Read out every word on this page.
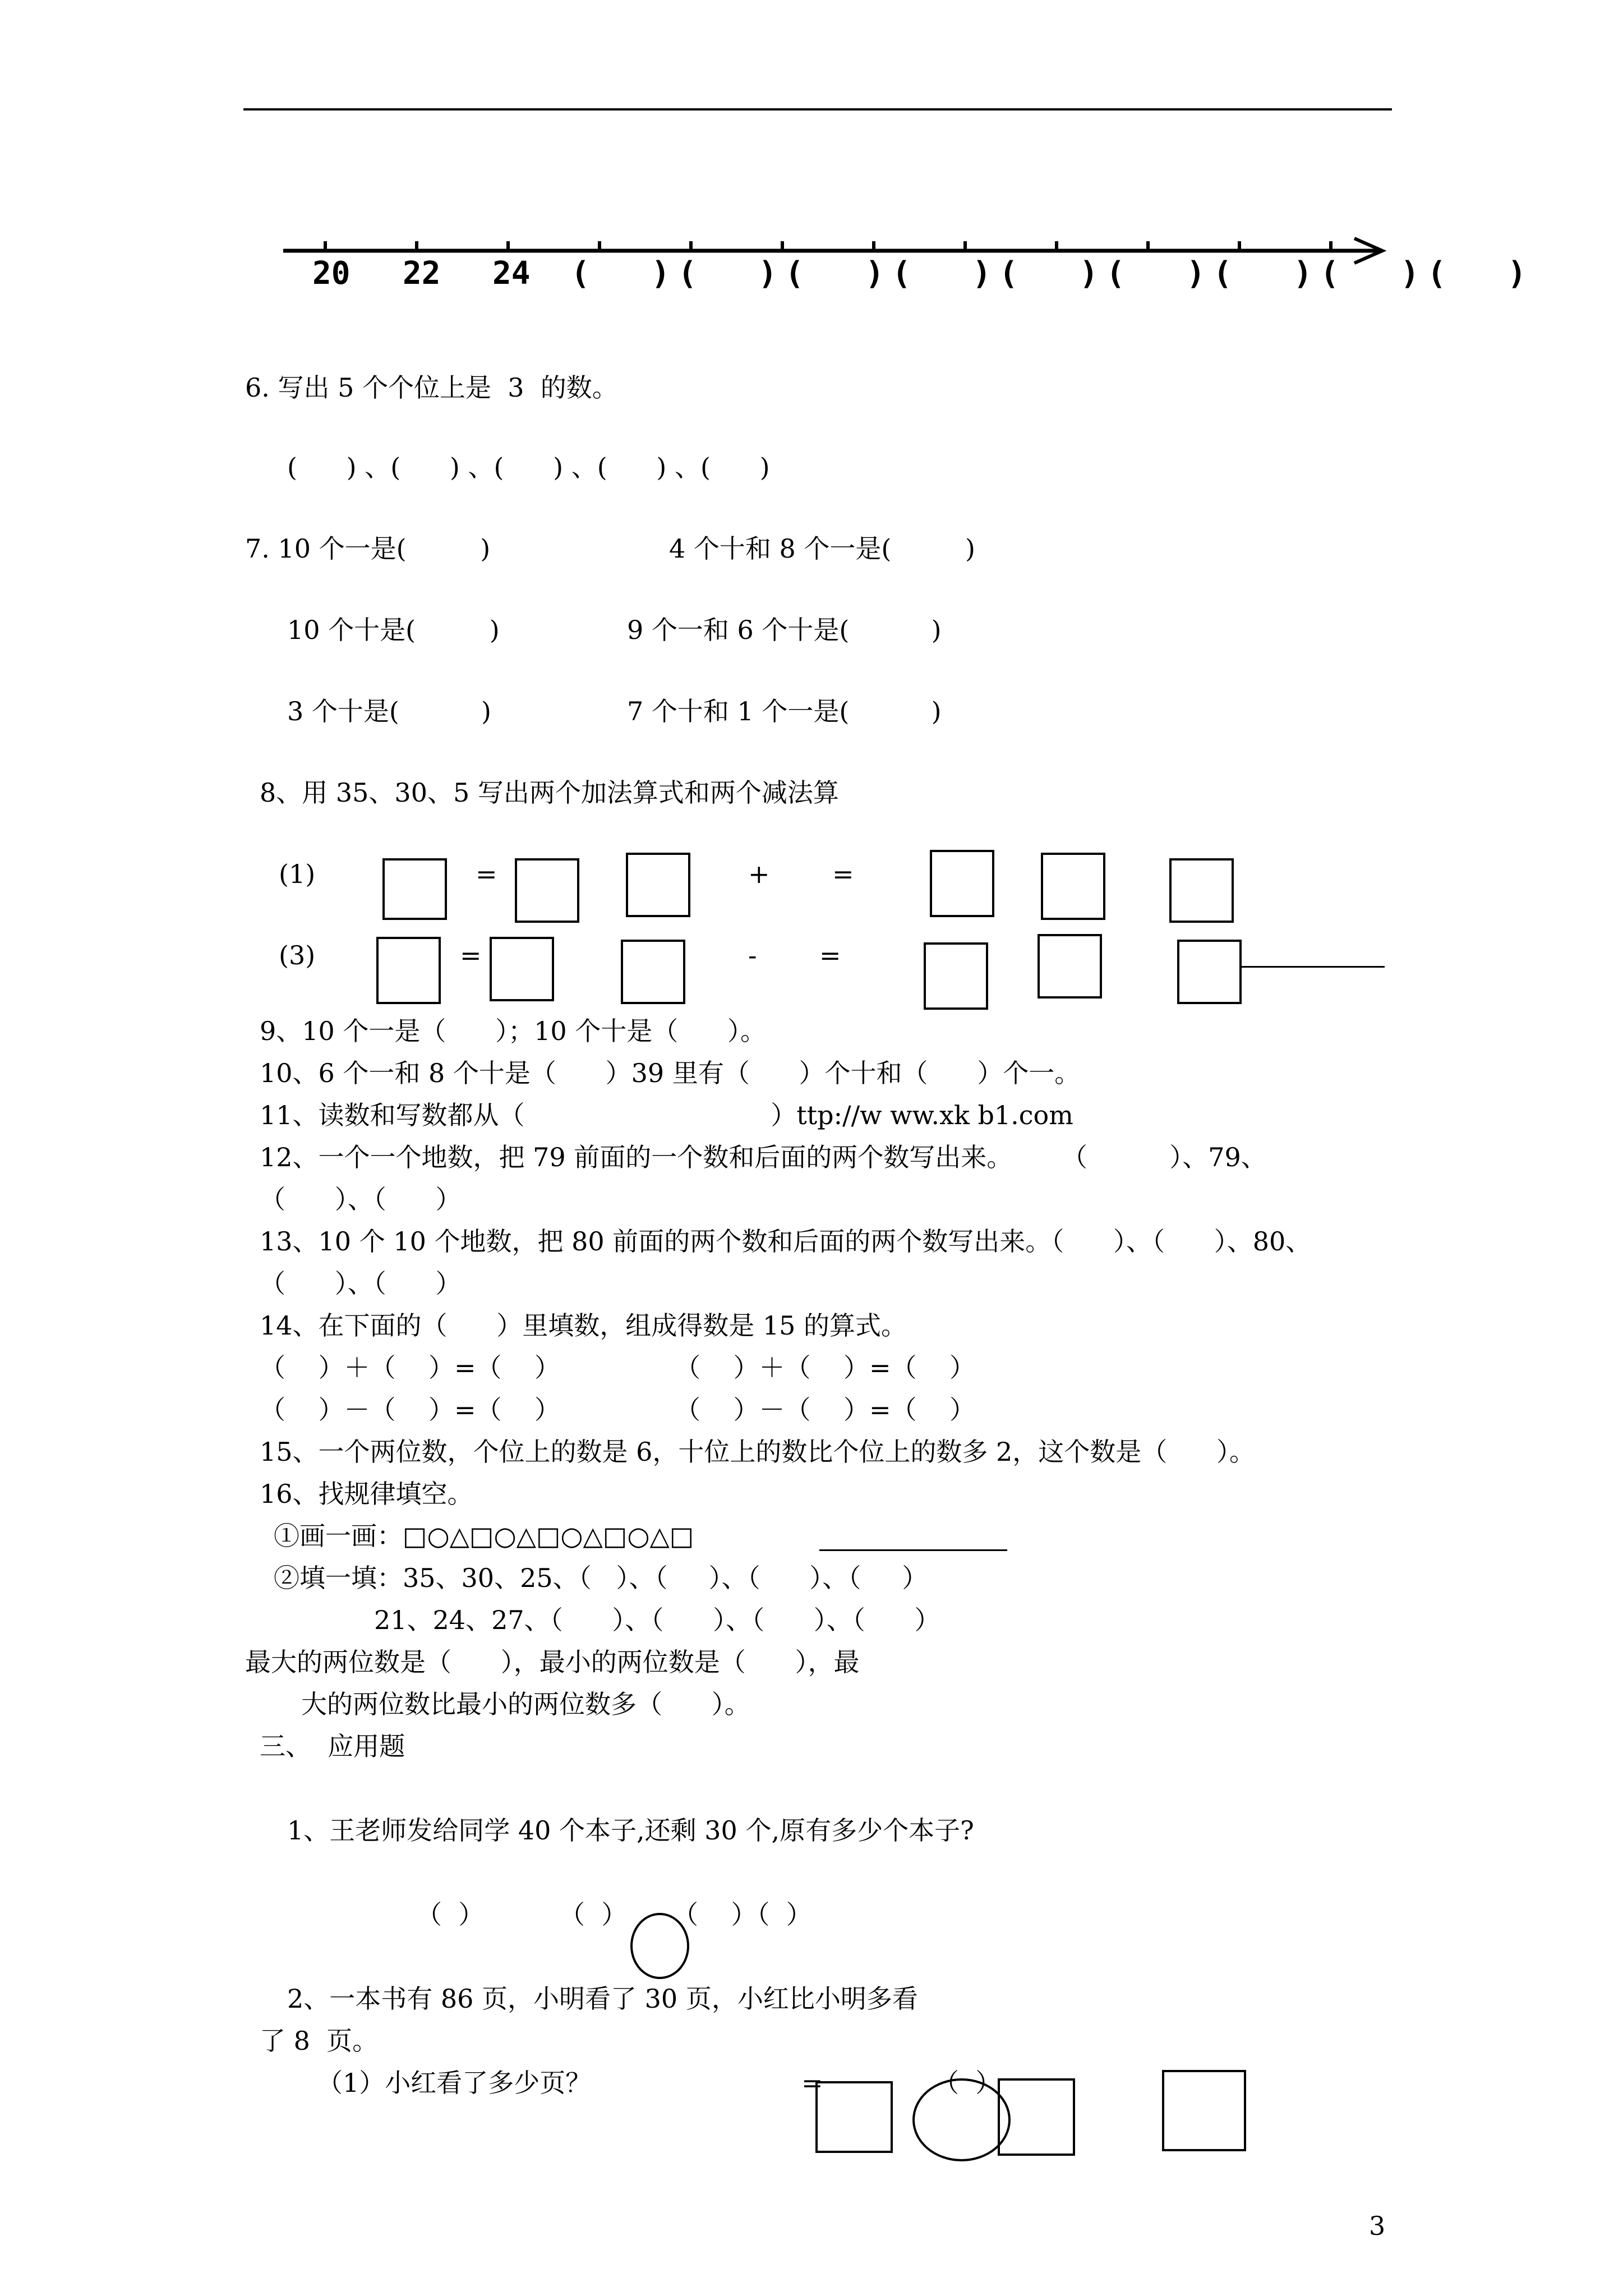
20 22 24 (  )(  )(  )(  )(  )(  )(  )(  )(  )
6. 写出 5 个个位上是  3  的数。
(      ) 、(      ) 、(      ) 、(      ) 、(      )
7. 10 个一是(         )	4 个十和 8 个一是(         )
10 个十是(         )	9 个一和 6 个十是(          )
3 个十是(          )	7 个十和 1 个一是(          )
8、用 35、30、5 写出两个加法算式和两个减法算
(1)	=	+ =
(3)	=	- =
9、10 个一是（      ）；10 个十是（      ）。
10、6 个一和 8 个十是（      ）39 里有（      ）个十和（      ）个一。
11、读数和写数都从（                              ）ttp://w ww.xk b1.com
12、一个一个地数，把 79 前面的一个数和后面的两个数写出来。      （          ）、79、
（      ）、（      ）
13、10 个 10 个地数，把 80 前面的两个数和后面的两个数写出来。（      ）、（      ）、80、
（      ）、（      ）
14、在下面的（      ）里填数，组成得数是 15 的算式。
（    ）＋（    ）=（    ）	（    ）＋（    ）=（    ）
（    ）－（    ）=（    ）	（    ）－（    ）=（    ）
15、一个两位数，个位上的数是 6，十位上的数比个位上的数多 2，这个数是（      ）。
16、找规律填空。
①画一画：□○△□○△□○△□○△□
②填一填：35、30、25、（   ）、（     ）、（      ）、（     ）
21、24、27、（      ）、（      ）、（      ）、（      ）
最大的两位数是（      ），最小的两位数是（      ），最
大的两位数比最小的两位数多（      ）。
三、  应用题
1、王老师发给同学 40 个本子,还剩 30 个,原有多少个本子?
（  ）	（  ） （    ）（  ）
2、一本书有 86 页，小明看了 30 页，小红比小明多看
了 8  页。
（1）小红看了多少页？	=	（  ）
3
